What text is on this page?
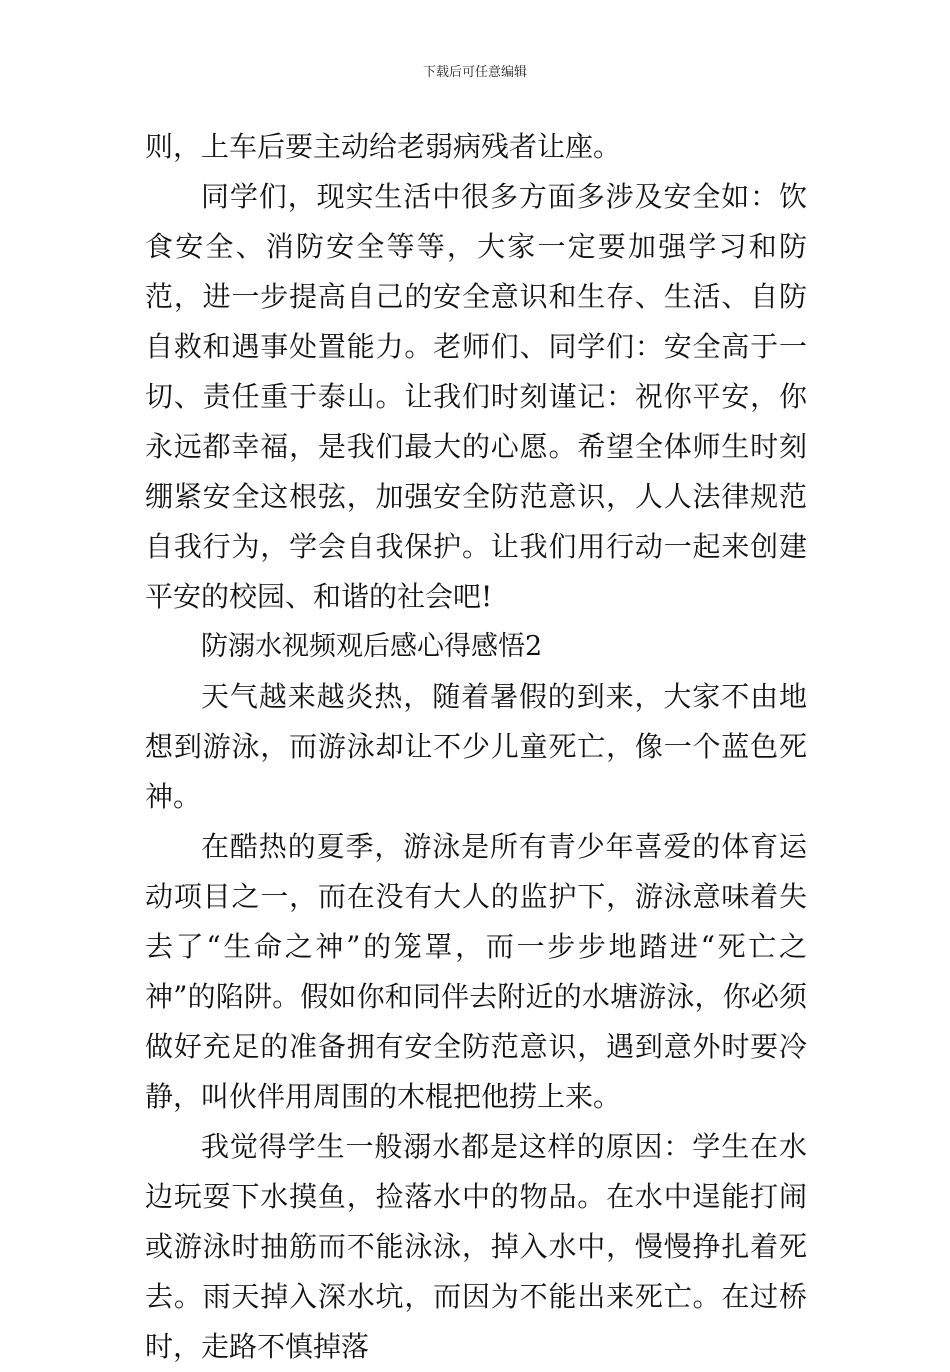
下载后可任意编辑

则，上车后要主动给老弱病残者让座。

同学们，现实生活中很多方面多涉及安全如：饮食安全、消防安全等等，大家一定要加强学习和防范，进一步提高自己的安全意识和生存、生活、自防自救和遇事处置能力。老师们、同学们：安全高于一切、责任重于泰山。让我们时刻谨记：祝你平安，你永远都幸福，是我们最大的心愿。希望全体师生时刻绷紧安全这根弦，加强安全防范意识，人人法律规范自我行为，学会自我保护。让我们用行动一起来创建平安的校园、和谐的社会吧!

防溺水视频观后感心得感悟2

天气越来越炎热，随着暑假的到来，大家不由地想到游泳，而游泳却让不少儿童死亡，像一个蓝色死神。

在酷热的夏季，游泳是所有青少年喜爱的体育运动项目之一，而在没有大人的监护下，游泳意味着失去了“生命之神”的笼罩，而一步步地踏进“死亡之神”的陷阱。假如你和同伴去附近的水塘游泳，你必须做好充足的准备拥有安全防范意识，遇到意外时要冷静，叫伙伴用周围的木棍把他捞上来。

我觉得学生一般溺水都是这样的原因：学生在水边玩耍下水摸鱼，捡落水中的物品。在水中逞能打闹或游泳时抽筋而不能泳泳，掉入水中，慢慢挣扎着死去。雨天掉入深水坑，而因为不能出来死亡。在过桥时，走路不慎掉落
